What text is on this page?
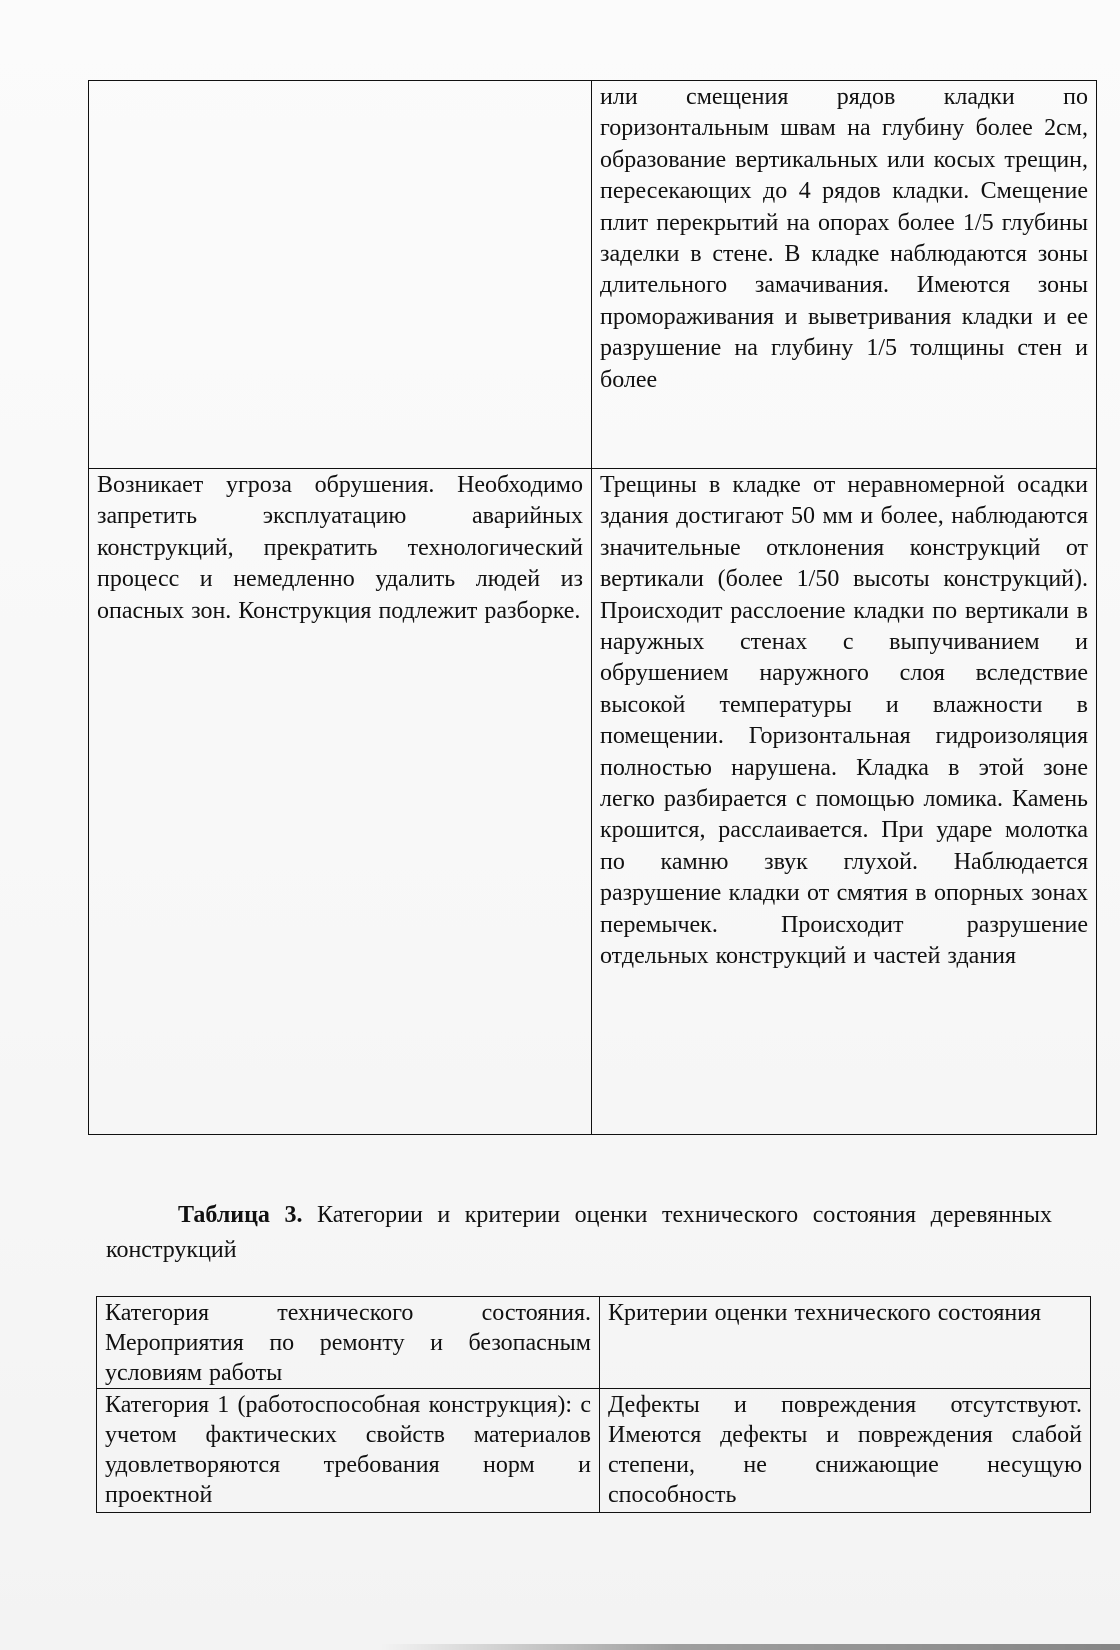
	или смещения рядов кладки по горизонтальным швам на глубину более 2см, образование вертикальных или косых трещин, пересекающих до 4 рядов кладки. Смещение плит перекрытий на опорах более 1/5 глубины заделки в стене. В кладке наблюдаются зоны длительного замачивания. Имеются зоны промораживания и выветривания кладки и ее разрушение на глубину 1/5 толщины стен и более
Возникает угроза обрушения. Необходимо запретить эксплуатацию аварийных конструкций, прекратить технологический процесс и немедленно удалить людей из опасных зон. Конструкция подлежит разборке.	Трещины в кладке от неравномерной осадки здания достигают 50 мм и более, наблюдаются значительные отклонения конструкций от вертикали (более 1/50 высоты конструкций). Происходит расслоение кладки по вертикали в наружных стенах с выпучиванием и обрушением наружного слоя вследствие высокой температуры и влажности в помещении. Горизонтальная гидроизоляция полностью нарушена. Кладка в этой зоне легко разбирается с помощью ломика. Камень крошится, расслаивается. При ударе молотка по камню звук глухой. Наблюдается разрушение кладки от смятия в опорных зонах перемычек. Происходит разрушение отдельных конструкций и частей здания
Таблица 3. Категории и критерии оценки технического состояния деревянных конструкций
Категория технического состояния. Мероприятия по ремонту и безопасным условиям работы	Критерии оценки технического состояния
Категория 1 (работоспособная конструкция): с учетом фактических свойств материалов удовлетворяются требования норм и проектной	Дефекты и повреждения отсутствуют. Имеются дефекты и повреждения слабой степени, не снижающие несущую способность
